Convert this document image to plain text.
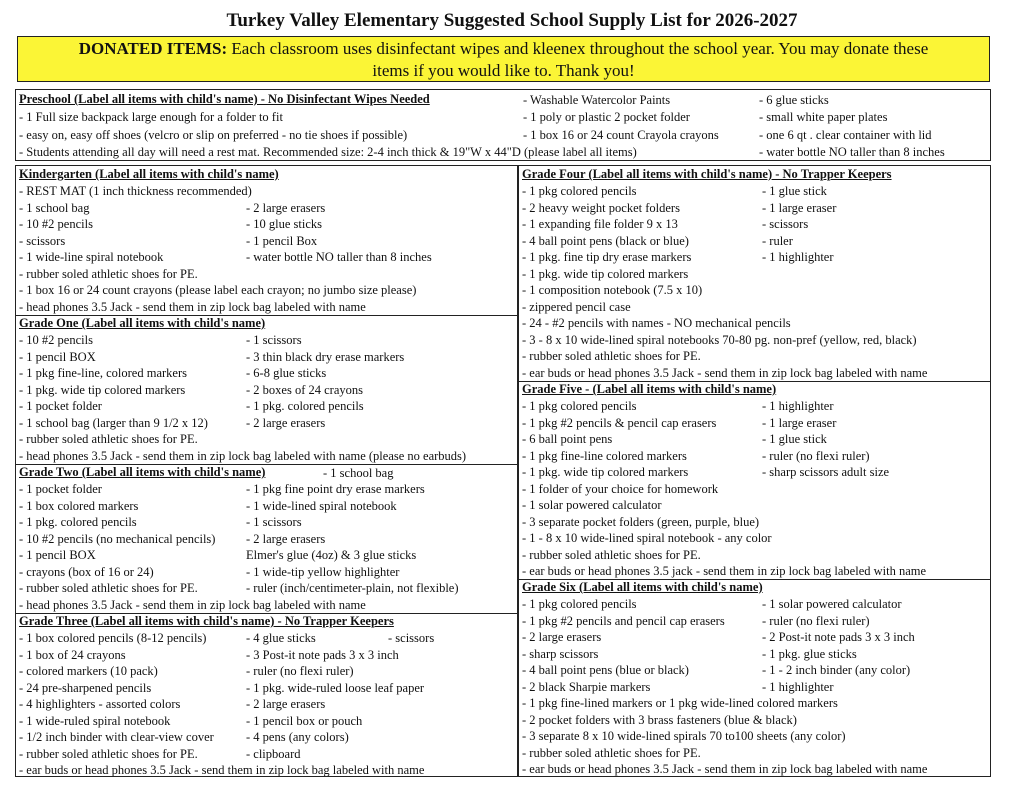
Turkey Valley Elementary Suggested School Supply List for 2026-2027
DONATED ITEMS: Each classroom uses disinfectant wipes and kleenex throughout the school year. You may donate these
items if you would like to. Thank you!
Preschool (Label all items with child's name) - No Disinfectant Wipes Needed
- 1 Full size backpack large enough for a folder to fit
- easy on, easy off shoes (velcro or slip on preferred - no tie shoes if possible)
- Students attending all day will need a rest mat. Recommended size: 2-4 inch thick & 19"W x 44"D (please label all items)
- Washable Watercolor Paints
- 1 poly or plastic 2 pocket folder
- 1 box 16 or 24 count Crayola crayons
- 6 glue sticks
- small white paper plates
- one 6 qt . clear container with lid
- water bottle NO taller than 8 inches
Kindergarten (Label all items with child's name)
- REST MAT (1 inch thickness recommended)
- 1 school bag
- 10 #2 pencils
- scissors
- 1 wide-line spiral notebook
- 2 large erasers
- 10 glue sticks
- 1 pencil Box
- water bottle NO taller than 8 inches
- rubber soled athletic shoes for PE.
- 1 box 16 or 24 count crayons (please label each crayon; no jumbo size please)
- head phones 3.5 Jack - send them in zip lock bag labeled with name
Grade One (Label all items with child's name)
- 10 #2 pencils
- 1 pencil BOX
- 1 pkg fine-line, colored markers
- 1 pkg. wide tip colored markers
- 1 pocket folder
- 1 school bag (larger than 9 1/2 x 12)
- 1 scissors
- 3 thin black dry erase markers
- 6-8 glue sticks
- 2 boxes of 24 crayons
- 1 pkg. colored pencils
- 2 large erasers
- rubber soled athletic shoes for PE.
- head phones 3.5 Jack - send them in zip lock bag labeled with name (please no earbuds)
Grade Two (Label all items with child's name)	- 1 school bag
- 1 pocket folder
- 1 box colored markers
- 1 pkg. colored pencils
- 10 #2 pencils (no mechanical pencils)
- 1 pencil BOX
- crayons (box of 16 or 24)
- rubber soled athletic shoes for PE.
- 1 pkg fine point dry erase markers
- 1 wide-lined spiral notebook
- 1 scissors
- 2 large erasers
Elmer's glue (4oz) & 3 glue sticks
- 1 wide-tip yellow highlighter
- ruler (inch/centimeter-plain, not flexible)
- head phones 3.5 Jack - send them in zip lock bag labeled with name
Grade Three (Label all items with child's name) - No Trapper Keepers
- 1 box colored pencils (8-12 pencils)
- 1 box of 24 crayons
- colored markers (10 pack)
- 24 pre-sharpened pencils
- 4 highlighters - assorted colors
- 1 wide-ruled spiral notebook
- 1/2 inch binder with clear-view cover
- rubber soled athletic shoes for PE.
- 4 glue sticks
- 3 Post-it note pads 3 x 3 inch
- ruler (no flexi ruler)
- 1 pkg. wide-ruled loose leaf paper
- 2 large erasers
- 1 pencil box or pouch
- 4 pens (any colors)
- clipboard
- scissors
- ear buds or head phones 3.5 Jack - send them in zip lock bag labeled with name
Grade Four (Label all items with child's name) - No Trapper Keepers
- 1 pkg colored pencils
- 2 heavy weight pocket folders
- 1 expanding file folder 9 x 13
- 4 ball point pens (black or blue)
- 1 pkg. fine tip dry erase markers
- 1 glue stick
- 1 large eraser
- scissors
- ruler
- 1 highlighter
- 1 pkg. wide tip colored markers
- 1 composition notebook (7.5 x 10)
- zippered pencil case
- 24 - #2 pencils with names - NO mechanical pencils
- 3 - 8 x 10 wide-lined spiral notebooks 70-80 pg. non-pref (yellow, red, black)
- rubber soled athletic shoes for PE.
- ear buds or head phones 3.5 Jack - send them in zip lock bag labeled with name
Grade Five - (Label all items with child's name)
- 1 pkg colored pencils
- 1 pkg #2 pencils & pencil cap erasers
- 6 ball point pens
- 1 pkg fine-line colored markers
- 1 pkg. wide tip colored markers
- 1 highlighter
- 1 large eraser
- 1 glue stick
- ruler (no flexi ruler)
- sharp scissors adult size
- 1 folder of your choice for homework
- 1 solar powered calculator
- 3 separate pocket folders (green, purple, blue)
- 1 - 8 x 10 wide-lined spiral notebook - any color
- rubber soled athletic shoes for PE.
- ear buds or head phones 3.5 jack - send them in zip lock bag labeled with name
Grade Six (Label all items with child's name)
- 1 pkg colored pencils
- 1 pkg #2 pencils and pencil cap erasers
- 2 large erasers
- sharp scissors
- 4 ball point pens (blue or black)
- 2 black Sharpie markers
- 1 solar powered calculator
- ruler (no flexi ruler)
- 2 Post-it note pads 3 x 3 inch
- 1 pkg. glue sticks
- 1 - 2 inch binder (any color)
- 1 highlighter
- 1 pkg fine-lined markers or 1 pkg wide-lined colored markers
- 2 pocket folders with 3 brass fasteners (blue & black)
- 3 separate 8 x 10 wide-lined spirals 70 to100 sheets (any color)
- rubber soled athletic shoes for PE.
- ear buds or head phones 3.5 Jack - send them in zip lock bag labeled with name
